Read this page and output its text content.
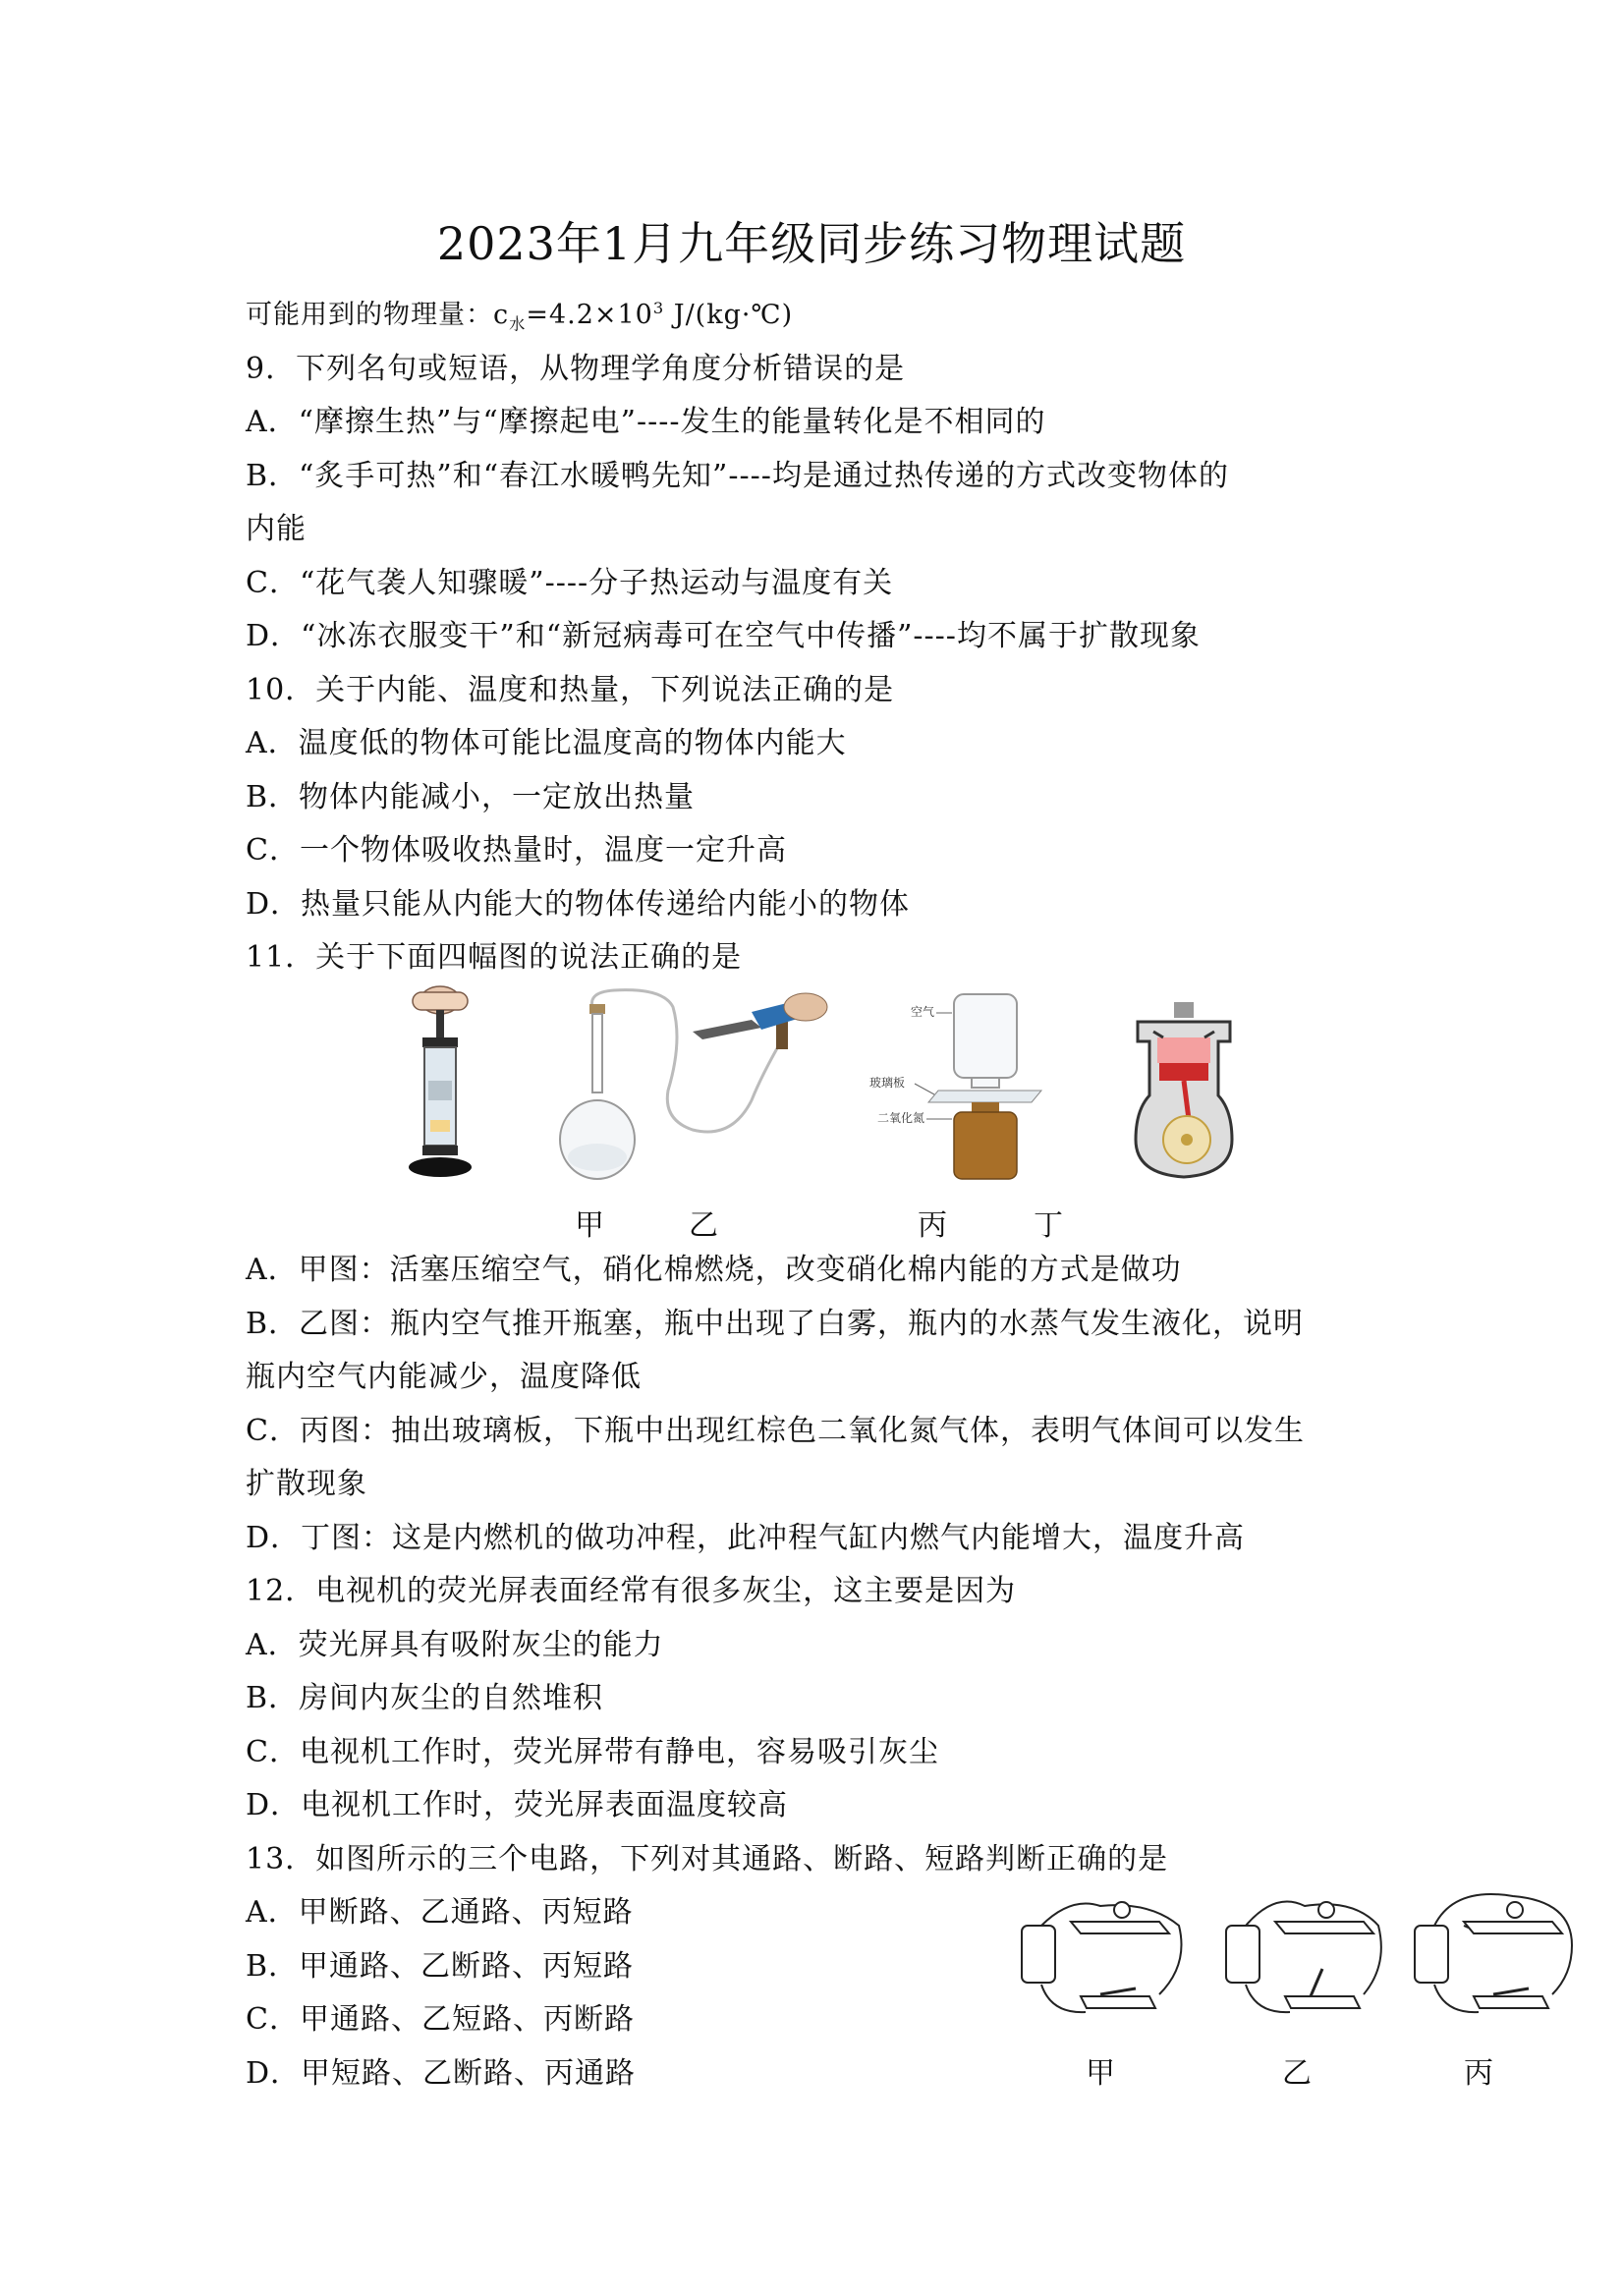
2023年1月九年级同步练习物理试题
可能用到的物理量：$c_水=4.2\times 10^3$ J/(kg·℃)
9．下列名句或短语，从物理学角度分析错误的是
A．“摩擦生热”与“摩擦起电”----发生的能量转化是不相同的
B．“炙手可热”和“春江水暖鸭先知”----均是通过热传递的方式改变物体的
内能
C．“花气袭人知骤暖”----分子热运动与温度有关
D．“冰冻衣服变干”和“新冠病毒可在空气中传播”----均不属于扩散现象
10．关于内能、温度和热量，下列说法正确的是
A．温度低的物体可能比温度高的物体内能大
B．物体内能减小，一定放出热量
C．一个物体吸收热量时，温度一定升高
D．热量只能从内能大的物体传递给内能小的物体
11．关于下面四幅图的说法正确的是
空气
玻璃板
二氧化氮
甲	乙	丙	丁
A．甲图：活塞压缩空气，硝化棉燃烧，改变硝化棉内能的方式是做功
B．乙图：瓶内空气推开瓶塞，瓶中出现了白雾，瓶内的水蒸气发生液化，说明
瓶内空气内能减少，温度降低
C．丙图：抽出玻璃板，下瓶中出现红棕色二氧化氮气体，表明气体间可以发生
扩散现象
D．丁图：这是内燃机的做功冲程，此冲程气缸内燃气内能增大，温度升高
12．电视机的荧光屏表面经常有很多灰尘，这主要是因为
A．荧光屏具有吸附灰尘的能力
B．房间内灰尘的自然堆积
C．电视机工作时，荧光屏带有静电，容易吸引灰尘
D．电视机工作时，荧光屏表面温度较高
13．如图所示的三个电路，下列对其通路、断路、短路判断正确的是
A．甲断路、乙通路、丙短路
B．甲通路、乙断路、丙短路
C．甲通路、乙短路、丙断路
D．甲短路、乙断路、丙通路	甲	乙	丙
